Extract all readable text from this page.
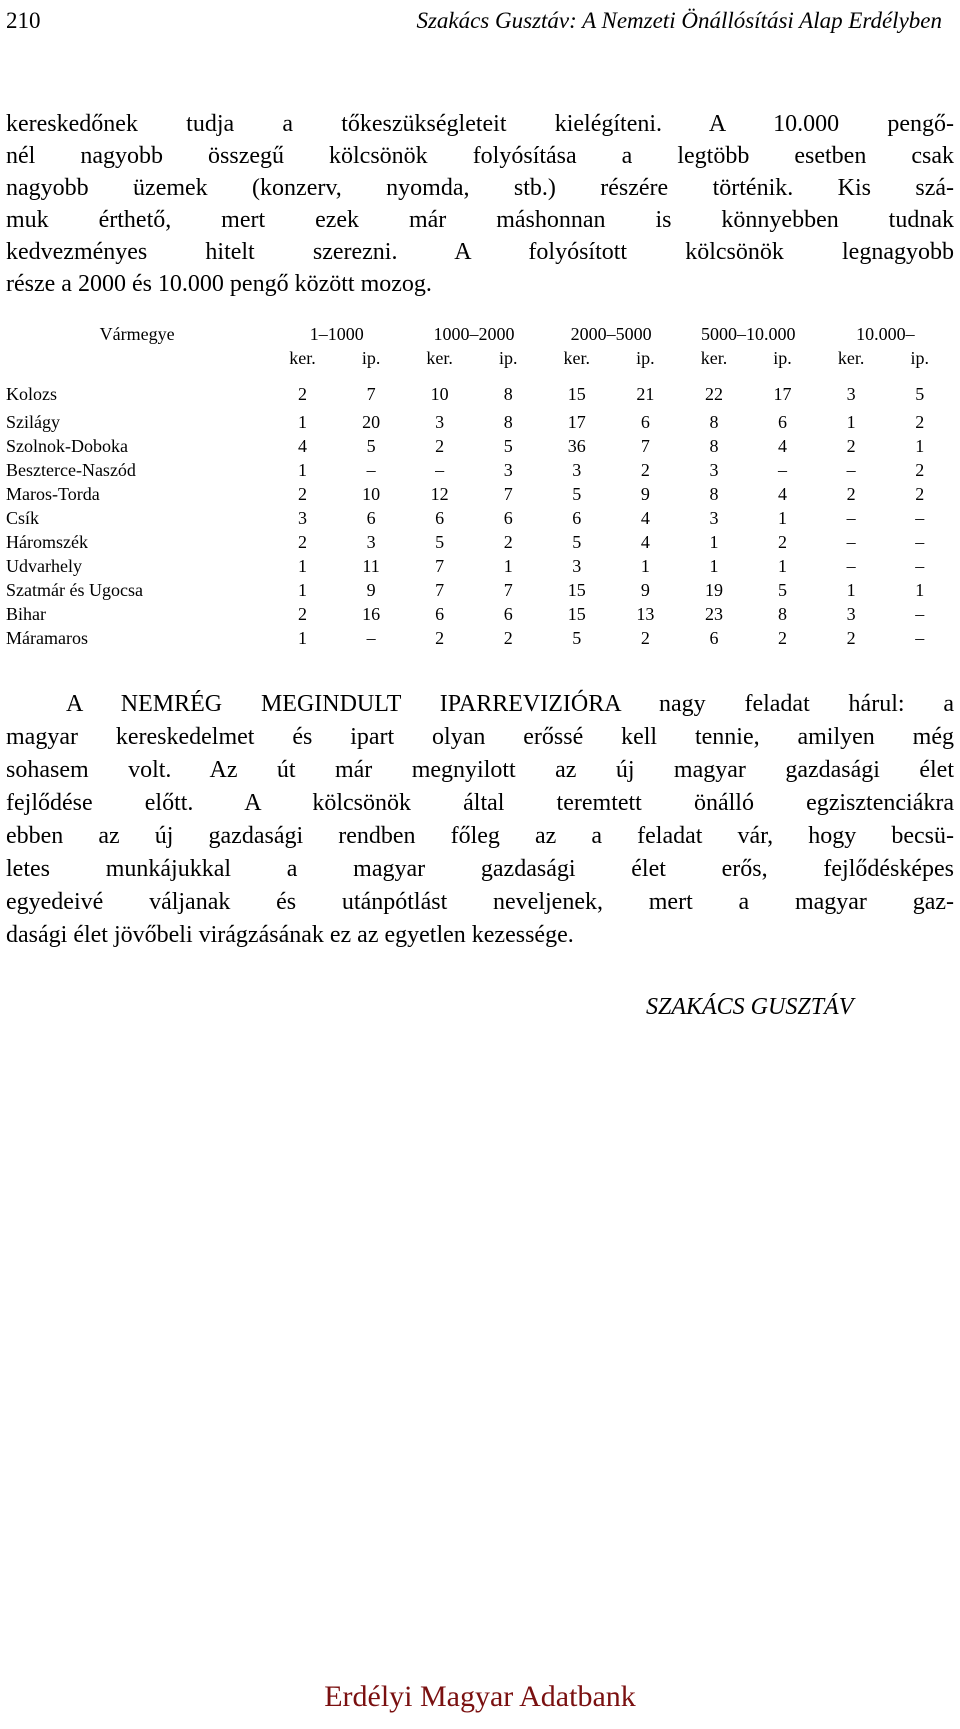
210	Szakács Gusztáv: A Nemzeti Önállósítási Alap Erdélyben

kereskedőnek tudja a tőkeszükségleteit kielégíteni. A 10.000 pengő-
nél nagyobb összegű kölcsönök folyósítása a legtöbb esetben csak
nagyobb üzemek (konzerv, nyomda, stb.) részére történik. Kis szá-
muk érthető, mert ezek már máshonnan is könnyebben tudnak
kedvezményes hitelt szerezni. A folyósított kölcsönök legnagyobb
része a 2000 és 10.000 pengő között mozog.

Vármegye	1–1000		1000–2000		2000–5000		5000–10.000		10.000–	
	ker.	ip.	ker.	ip.	ker.	ip.	ker.	ip.	ker.	ip.
Kolozs	2	7	10	8	15	21	22	17	3	5
Szilágy	1	20	3	8	17	6	8	6	1	2
Szolnok-Doboka	4	5	2	5	36	7	8	4	2	1
Beszterce-Naszód	1	–	–	3	3	2	3	–	–	2
Maros-Torda	2	10	12	7	5	9	8	4	2	2
Csík	3	6	6	6	6	4	3	1	–	–
Háromszék	2	3	5	2	5	4	1	2	–	–
Udvarhely	1	11	7	1	3	1	1	1	–	–
Szatmár és Ugocsa	1	9	7	7	15	9	19	5	1	1
Bihar	2	16	6	6	15	13	23	8	3	–
Máramaros	1	–	2	2	5	2	6	2	2	–

A NEMRÉG MEGINDULT IPARREVIZIÓRA nagy feladat hárul: a
magyar kereskedelmet és ipart olyan erőssé kell tennie, amilyen még
sohasem volt. Az út már megnyilott az új magyar gazdasági élet
fejlődése előtt. A kölcsönök által teremtett önálló egzisztenciákra
ebben az új gazdasági rendben főleg az a feladat vár, hogy becsü-
letes munkájukkal a magyar gazdasági élet erős, fejlődésképes
egyedeivé váljanak és utánpótlást neveljenek, mert a magyar gaz-
dasági élet jövőbeli virágzásának ez az egyetlen kezessége.

SZAKÁCS GUSZTÁV
Erdélyi Magyar Adatbank
